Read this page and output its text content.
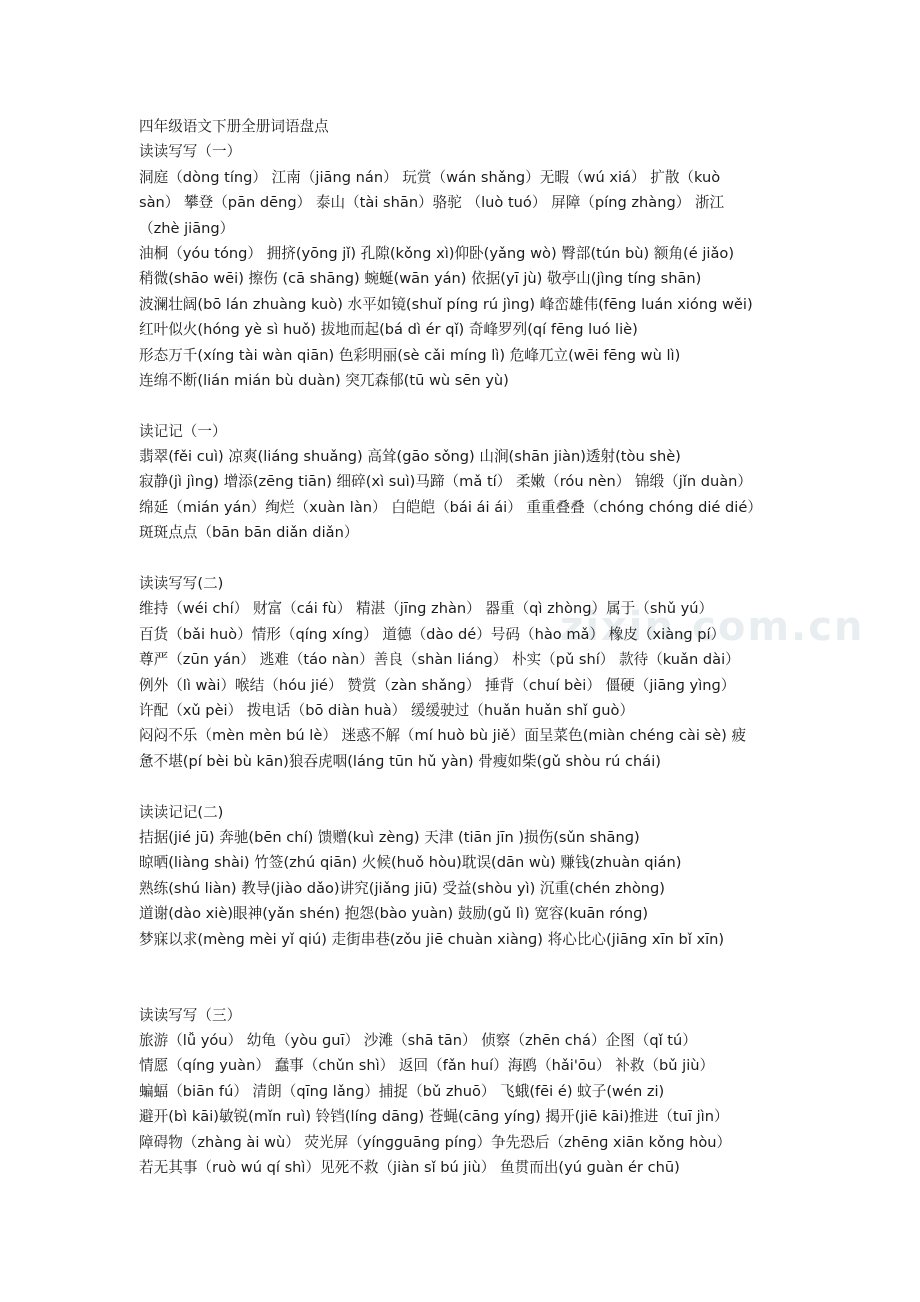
zixin.com.cn
四年级语文下册全册词语盘点
读读写写（一）
洞庭（dòng tíng） 江南（jiāng nán） 玩赏（wán shǎng）无暇（wú xiá） 扩散（kuò
sàn） 攀登（pān dēng） 泰山（tài shān）骆驼 （luò tuó） 屏障（píng zhàng） 浙江
（zhè jiāng）
油桐（yóu tóng） 拥挤(yōng jǐ) 孔隙(kǒng xì)仰卧(yǎng wò) 臀部(tún bù) 额角(é jiǎo)
稍微(shāo wēi) 擦伤 (cā shāng) 蜿蜒(wān yán) 依据(yī jù) 敬亭山(jìng tíng shān)
波澜壮阔(bō lán zhuàng kuò) 水平如镜(shuǐ píng rú jìng) 峰峦雄伟(fēng luán xióng wěi)
红叶似火(hóng yè sì huǒ) 拔地而起(bá dì ér qǐ) 奇峰罗列(qí fēng luó liè)
形态万千(xíng tài wàn qiān) 色彩明丽(sè cǎi míng lì) 危峰兀立(wēi fēng wù lì)
连绵不断(lián mián bù duàn) 突兀森郁(tū wù sēn yù)
读记记（一）
翡翠(fěi cuì) 凉爽(liáng shuǎng) 高耸(gāo sǒng) 山涧(shān jiàn)透射(tòu shè)
寂静(jì jìng) 增添(zēng tiān) 细碎(xì suì)马蹄（mǎ tí） 柔嫩（róu nèn） 锦缎（jǐn duàn）
绵延（mián yán）绚烂（xuàn làn） 白皑皑（bái ái ái） 重重叠叠（chóng chóng dié dié）
斑斑点点（bān bān diǎn diǎn）
读读写写(二)
维持（wéi chí） 财富（cái fù） 精湛（jīnɡ zhàn） 器重（qì zhònɡ）属于（shǔ yú）
百货（bǎi huò）情形（qínɡ xínɡ） 道德（dào dé）号码（hào mǎ） 橡皮（xiànɡ pí）
尊严（zūn yán） 逃难（táo nàn）善良（shàn liánɡ） 朴实（pǔ shí） 款待（kuǎn dài）
例外（lì wài）喉结（hóu jié） 赞赏（zàn shǎnɡ） 捶背（chuí bèi） 僵硬（jiānɡ yìnɡ）
许配（xǔ pèi） 拨电话（bō diàn huà） 缓缓驶过（huǎn huǎn shǐ ɡuò）
闷闷不乐（mèn mèn bú lè） 迷惑不解（mí huò bù jiě）面呈菜色(miàn chénɡ cài sè) 疲
惫不堪(pí bèi bù kān)狼吞虎咽(lánɡ tūn hǔ yàn) 骨瘦如柴(ɡǔ shòu rú chái)
读读记记(二)
拮据(jié jū) 奔驰(bēn chí) 馈赠(kuì zènɡ) 天津 (tiān jīn )损伤(sǔn shānɡ)
晾晒(liànɡ shài) 竹签(zhú qiān) 火候(huǒ hòu)耽误(dān wù) 赚钱(zhuàn qián)
熟练(shú liàn) 教导(jiào dǎo)讲究(jiǎnɡ jiū) 受益(shòu yì) 沉重(chén zhònɡ)
道谢(dào xiè)眼神(yǎn shén) 抱怨(bào yuàn) 鼓励(ɡǔ lì) 宽容(kuān rónɡ)
梦寐以求(mènɡ mèi yǐ qiú) 走街串巷(zǒu jiē chuàn xiànɡ) 将心比心(jiānɡ xīn bǐ xīn)
读读写写（三）
旅游（lǚ yóu） 幼龟（yòu ɡuī） 沙滩（shā tān） 侦察（zhēn chá）企图（qǐ tú）
情愿（qínɡ yuàn） 蠢事（chǔn shì） 返回（fǎn huí）海鸥（hǎi'ōu） 补救（bǔ jiù）
蝙蝠（biān fú） 清朗（qīnɡ lǎnɡ）捕捉（bǔ zhuō） 飞蛾(fēi é) 蚊子(wén zi)
避开(bì kāi)敏锐(mǐn ruì) 铃铛(línɡ dānɡ) 苍蝇(cānɡ yínɡ) 揭开(jiē kāi)推进（tuī jìn）
障碍物（zhànɡ ài wù） 荧光屏（yínɡɡuānɡ pínɡ）争先恐后（zhēnɡ xiān kǒnɡ hòu）
若无其事（ruò wú qí shì）见死不救（jiàn sǐ bú jiù） 鱼贯而出(yú ɡuàn ér chū)
